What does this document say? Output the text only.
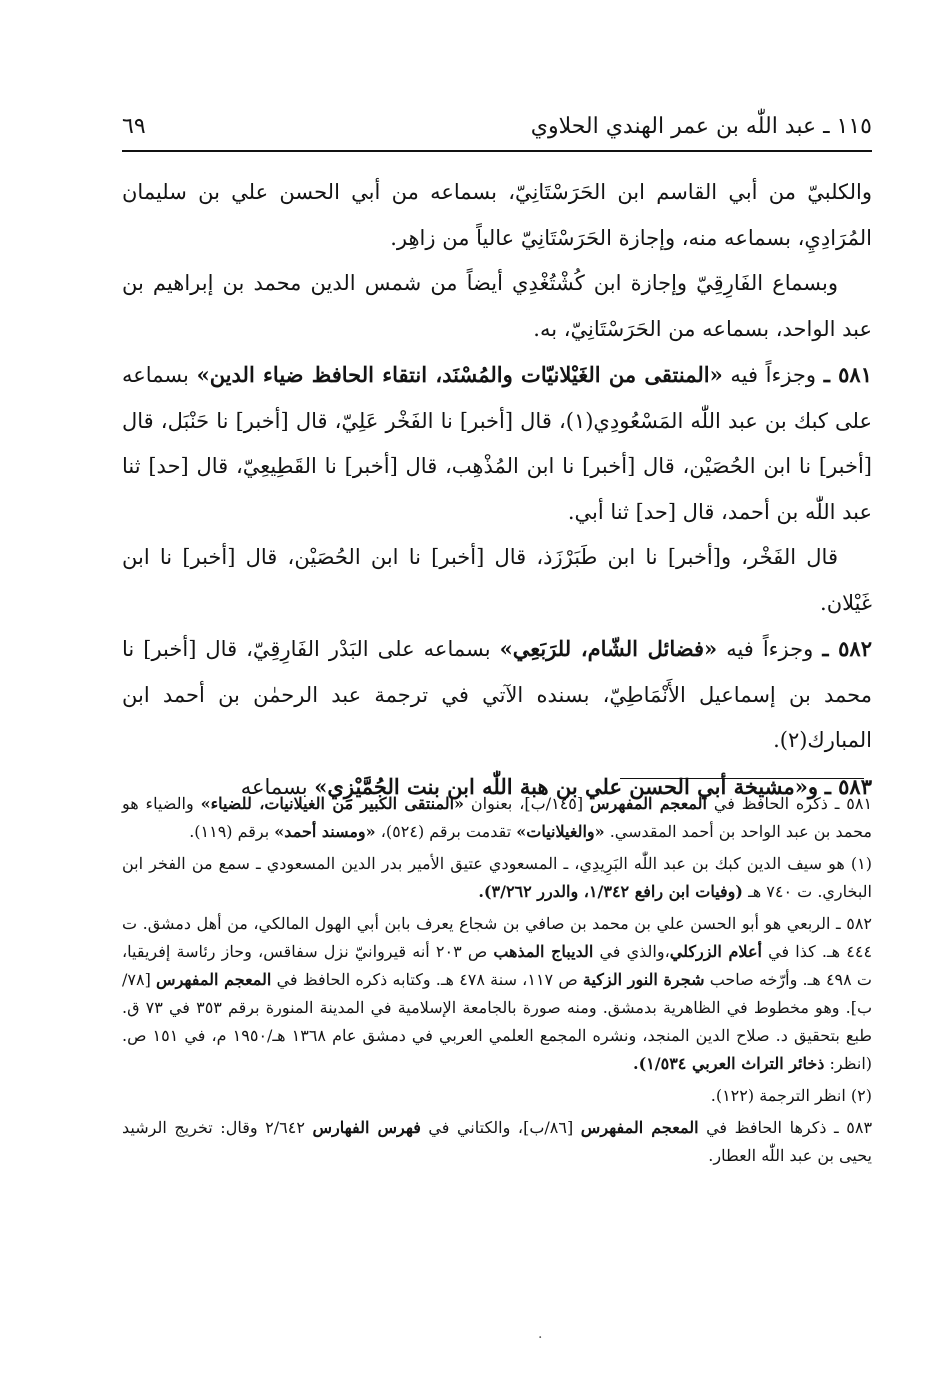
١١٥ ـ عبد اللّٰه بن عمر الهندي الحلاوي
٦٩

والكلبيّ من أبي القاسم ابن الحَرَسْتَانِيّ، بسماعه من أبي الحسن علي بن سليمان المُرَادِيِ، بسماعه منه، وإجازة الحَرَسْتَانِيّ عالياً من زاهِر.

وبسماع الفَارِقِيّ وإجازة ابن كُشْتُغْدِي أيضاً من شمس الدين محمد بن إبراهيم بن عبد الواحد، بسماعه من الحَرَسْتَانِيّ، به.

٥٨١ ـ وجزءاً فيه «المنتقى من الغَيْلانيّات والمُسْنَد، انتقاء الحافظ ضياء الدين» بسماعه على كبك بن عبد اللّٰه المَسْعُودِي(١)، قال [أخبر] نا الفَخْر عَلِيّ، قال [أخبر] نا حَنْبَل، قال [أخبر] نا ابن الحُصَيْن، قال [أخبر] نا ابن المُذْهِب، قال [أخبر] نا القَطِيعِيّ، قال [حد] ثنا عبد اللّٰه بن أحمد، قال [حد] ثنا أبي.

قال الفَخْر، و[أخبر] نا ابن طَبَرْزَذ، قال [أخبر] نا ابن الحُصَيْن، قال [أخبر] نا ابن غَيْلان.

٥٨٢ ـ وجزءاً فيه «فضائل الشّام، للرَبَعِي» بسماعه على البَدْر الفَارِقِيّ، قال [أخبر] نا محمد بن إسماعيل الأَنْمَاطِيّ، بسنده الآتي في ترجمة عبد الرحمٰن بن أحمد ابن المبارك(٢).

٥٨٣ ـ و«مشيخة أبي الحسن علي بن هبة اللّٰه ابن بنت الجُمَّيْزِي» بسماعه

٥٨١ ـ ذكره الحافظ في المعجم المفهرس [١٤٥/ب]، بعنوان «المنتقى الكبير من الغيلانيات، للضياء» والضياء هو محمد بن عبد الواحد بن أحمد المقدسي. «والغيلانيات» تقدمت برقم (٥٢٤)، «ومسند أحمد» برقم (١١٩).

(١) هو سيف الدين كبك بن عبد اللّٰه البَرِيدِي، ـ المسعودي عتيق الأمير بدر الدين المسعودي ـ سمع من الفخر ابن البخاري. ت ٧٤٠ هـ (وفيات ابن رافع ١/٣٤٢، والدرر ٣/٢٦٢).

٥٨٢ ـ الربعي هو أبو الحسن علي بن محمد بن صافي بن شجاع يعرف بابن أبي الهول المالكي، من أهل دمشق. ت ٤٤٤ هـ. كذا في أعلام الزركلي،والذي في الديباج المذهب ص ٢٠٣ أنه قيروانيّ نزل سفاقس، وحاز رئاسة إفريقيا، ت ٤٩٨ هـ. وأرّخه صاحب شجرة النور الزكية ص ١١٧، سنة ٤٧٨ هـ. وكتابه ذكره الحافظ في المعجم المفهرس [٧٨/ب]. وهو مخطوط في الظاهرية بدمشق. ومنه صورة بالجامعة الإسلامية في المدينة المنورة برقم ٣٥٣ في ٧٣ ق. طبع بتحقيق د. صلاح الدين المنجد، ونشره المجمع العلمي العربي في دمشق عام ١٣٦٨ هـ/١٩٥٠ م، في ١٥١ ص. (انظر: ذخائر التراث العربي ١/٥٣٤).

(٢) انظر الترجمة (١٢٢).

٥٨٣ ـ ذكرها الحافظ في المعجم المفهرس [٨٦/ب]، والكتاني في فهرس الفهارس ٢/٦٤٢ وقال: تخريج الرشيد يحيى بن عبد اللّٰه العطار.

·
